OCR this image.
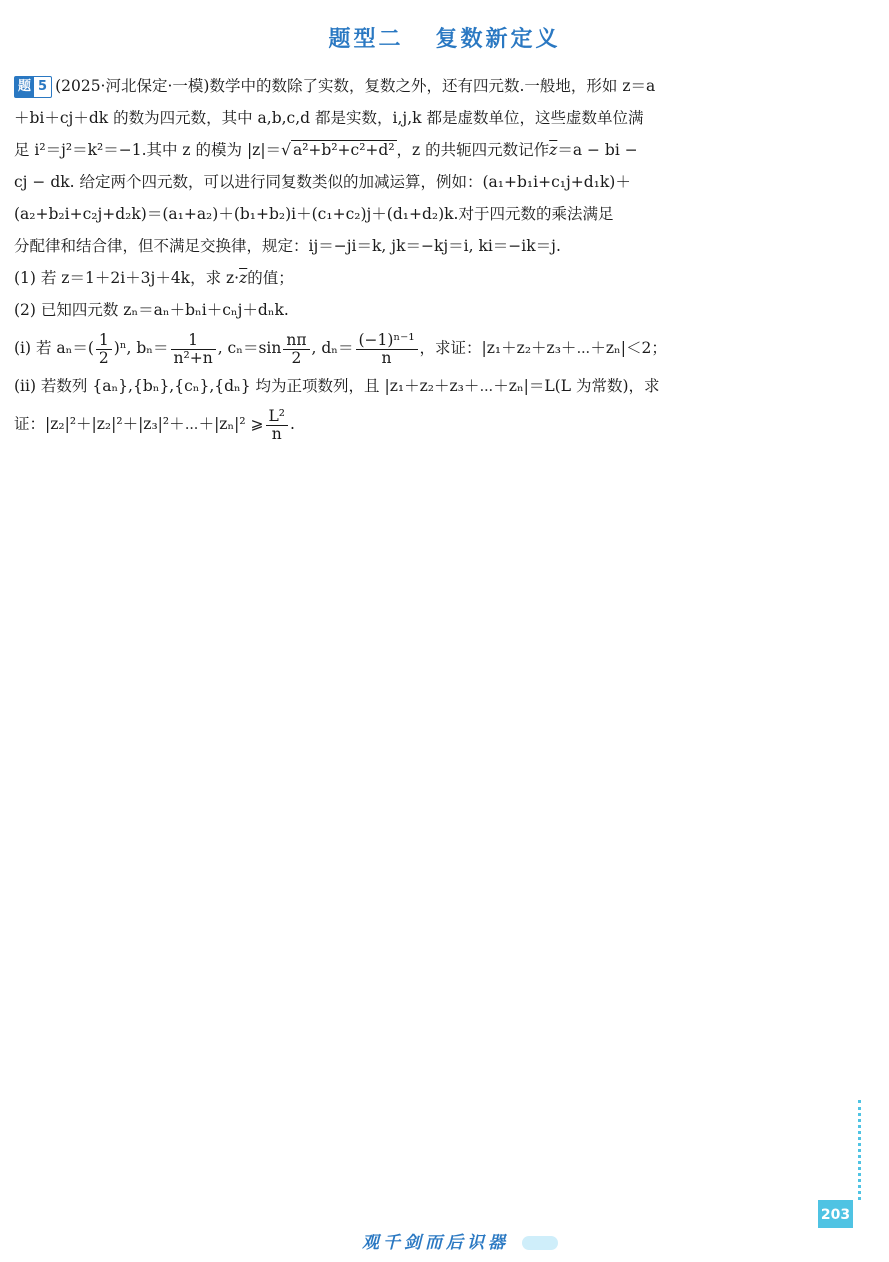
题型二   复数新定义
题 5 (2025·河北保定·一模)数学中的数除了实数，复数之外，还有四元数.一般地，形如 z＝a
＋bi＋cj＋dk 的数为四元数，其中 a,b,c,d 都是实数，i,j,k 都是虚数单位，这些虚数单位满
足 i²＝j²＝k²＝−1.其中 z 的模为 |z|＝√ a²+b²+c²+d² ，z 的共轭四元数记作$\overline{z}=a$ − bi −
cj − dk. 给定两个四元数，可以进行同复数类似的加减运算，例如：(a₁+b₁i+c₁j+d₁k)＋
(a₂+b₂i+c₂j+d₂k)＝(a₁+a₂)＋(b₁+b₂)i＋(c₁+c₂)j＋(d₁+d₂)k.对于四元数的乘法满足
分配律和结合律，但不满足交换律，规定：ij＝−ji＝k, jk＝−kj＝i, ki＝−ik＝j.
(1) 若 z＝1＋2i＋3j＋4k，求 $z\cdot\overline{z}$的值；
(2) 已知四元数 zₙ＝aₙ＋bₙi＋cₙj＋dₙk.
(i) 若 $a_n=( \frac{1}{2} )^n$, $b_n= \frac{1}{\text{n²+n}}$ , $c_n=\sin \frac{n\pi}{2}$ , $d_n= \frac{\text{(−1)ⁿ⁻¹}}{n}$ ，求证：|z₁＋z₂＋z₃＋⋯＋zₙ|＜2；
(ii) 若数列 {aₙ},{bₙ},{cₙ},{dₙ} 均为正项数列，且 |z₁＋z₂＋z₃＋⋯＋zₙ|＝L(L 为常数)，求
证：|z₂|²＋|z₂|²＋|z₃|²＋⋯＋|zₙ|² ⩾ $\frac{\text{L²}}{n}$ .
203
观千剑而后识器
